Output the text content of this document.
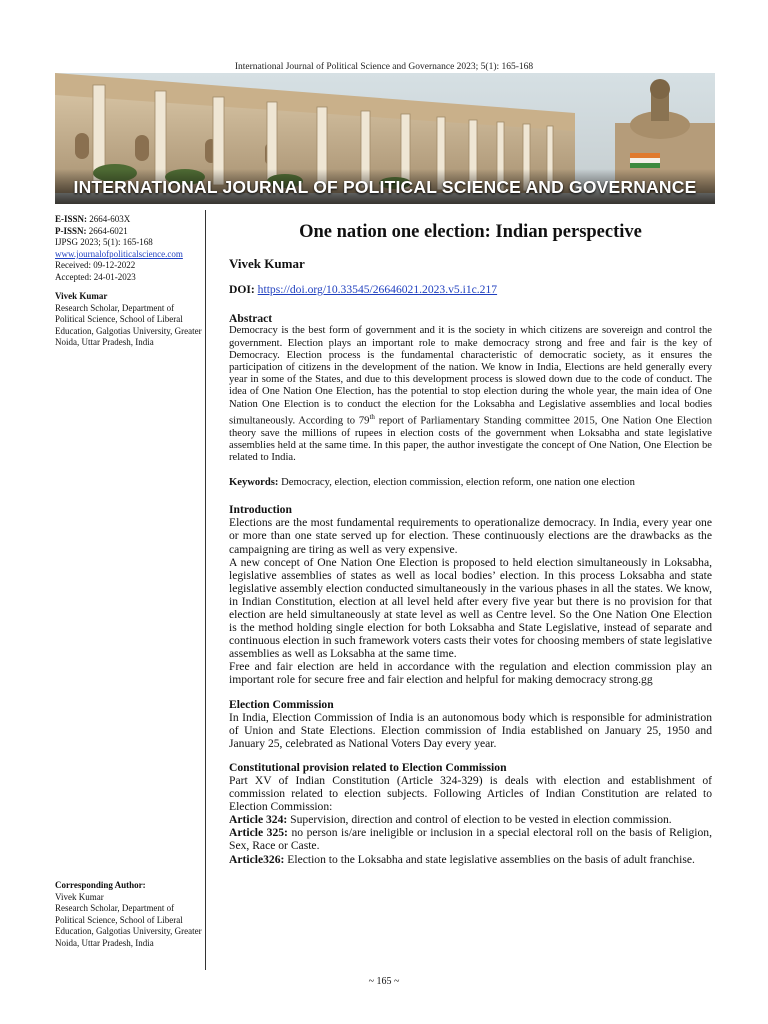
International Journal of Political Science and Governance 2023; 5(1): 165-168
INTERNATIONAL JOURNAL OF POLITICAL SCIENCE AND GOVERNANCE
E-ISSN: 2664-603X
P-ISSN: 2664-6021
IJPSG 2023; 5(1): 165-168
www.journalofpoliticalscience.com
Received: 09-12-2022
Accepted: 24-01-2023
Vivek Kumar
Research Scholar, Department of Political Science, School of Liberal Education, Galgotias University, Greater Noida, Uttar Pradesh, India
Corresponding Author:
Vivek Kumar
Research Scholar, Department of Political Science, School of Liberal Education, Galgotias University, Greater Noida, Uttar Pradesh, India
One nation one election: Indian perspective
Vivek Kumar
DOI: https://doi.org/10.33545/26646021.2023.v5.i1c.217
Abstract
Democracy is the best form of government and it is the society in which citizens are sovereign and control the government. Election plays an important role to make democracy strong and free and fair is the key of Democracy. Election process is the fundamental characteristic of democratic society, as it ensures the participation of citizens in the development of the nation. We know in India, Elections are held generally every year in some of the States, and due to this development process is slowed down due to the code of conduct. The idea of One Nation One Election, has the potential to stop election during the whole year, the main idea of One Nation One Election is to conduct the election for the Loksabha and Legislative assemblies and local bodies simultaneously. According to 79th report of Parliamentary Standing committee 2015, One Nation One Election theory save the millions of rupees in election costs of the government when Loksabha and state legislative assemblies held at the same time. In this paper, the author investigate the concept of One Nation, One Election be related to India.
Keywords: Democracy, election, election commission, election reform, one nation one election
Introduction
Elections are the most fundamental requirements to operationalize democracy. In India, every year one or more than one state served up for election. These continuously elections are the drawbacks as the campaigning are tiring as well as very expensive.
A new concept of One Nation One Election is proposed to held election simultaneously in Loksabha, legislative assemblies of states as well as local bodies’ election. In this process Loksabha and state legislative assembly election conducted simultaneously in the various phases in all the states. We know, in Indian Constitution, election at all level held after every five year but there is no provision for that election are held simultaneously at state level as well as Centre level. So the One Nation One Election is the method holding single election for both Loksabha and State Legislative, instead of separate and continuous election in such framework voters casts their votes for choosing members of state legislative assemblies as well as Loksabha at the same time.
Free and fair election are held in accordance with the regulation and election commission play an important role for secure free and fair election and helpful for making democracy strong.gg
Election Commission
In India, Election Commission of India is an autonomous body which is responsible for administration of Union and State Elections. Election commission of India established on January 25, 1950 and January 25, celebrated as National Voters Day every year.
Constitutional provision related to Election Commission
Part XV of Indian Constitution (Article 324-329) is deals with election and establishment of commission related to election subjects. Following Articles of Indian Constitution are related to Election Commission:
Article 324: Supervision, direction and control of election to be vested in election commission.
Article 325: no person is/are ineligible or inclusion in a special electoral roll on the basis of Religion, Sex, Race or Caste.
Article326: Election to the Loksabha and state legislative assemblies on the basis of adult franchise.
~ 165 ~
